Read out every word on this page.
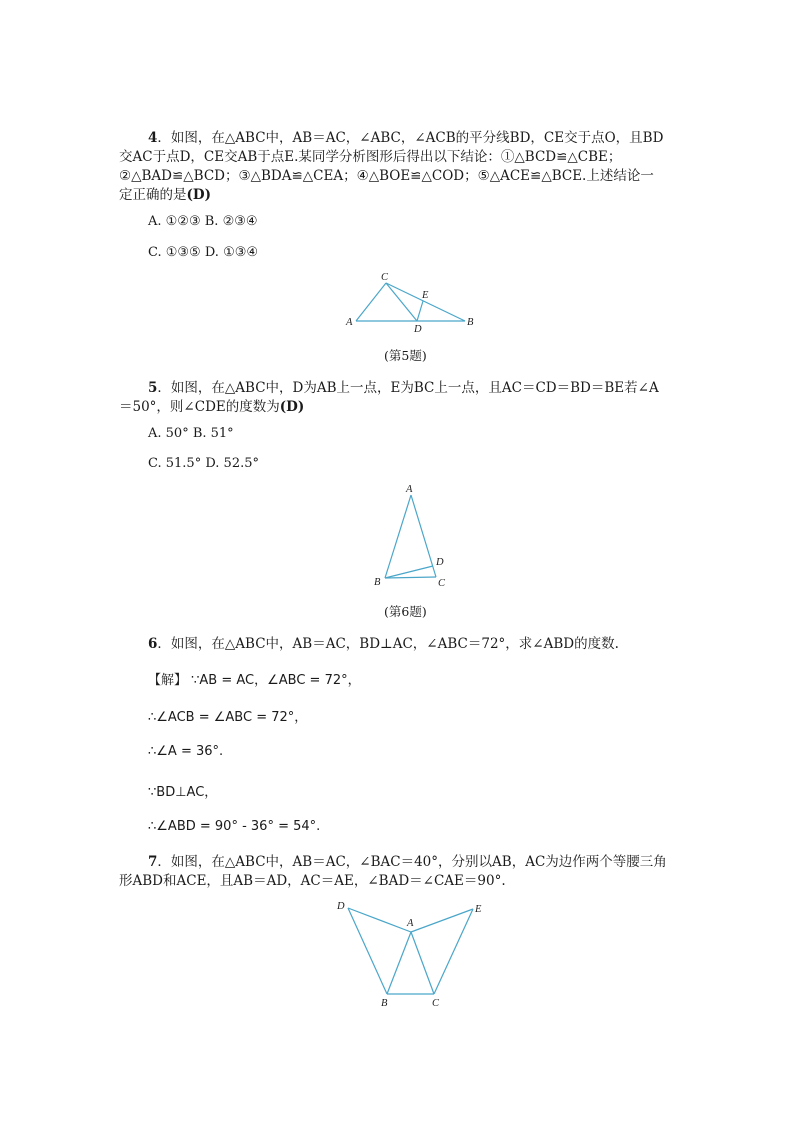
4．如图，在△ABC中，AB＝AC，∠ABC，∠ACB的平分线BD，CE交于点O，且BD
交AC于点D，CE交AB于点E.某同学分析图形后得出以下结论：①△BCD≌△CBE；
②△BAD≌△BCD；③△BDA≌△CEA；④△BOE≌△COD；⑤△ACE≌△BCE.上述结论一
定正确的是(D)
A. ①②③ B. ②③④
C. ①③⑤ D. ①③④
A	B
C
D
E
(第5题)
5．如图，在△ABC中，D为AB上一点，E为BC上一点，且AC＝CD＝BD＝BE若∠A
＝50°，则∠CDE的度数为(D)
A. 50° B. 51°
C. 51.5° D. 52.5°
A
B	C
D
(第6题)
6．如图，在△ABC中，AB＝AC，BD⊥AC，∠ABC＝72°，求∠ABD的度数.
【解】 ∵AB = AC，∠ABC = 72°，
∴∠ACB = ∠ABC = 72°，
∴∠A = 36°.
∵BD⊥AC，
∴∠ABD = 90° - 36° = 54°.
7．如图，在△ABC中，AB＝AC，∠BAC＝40°，分别以AB，AC为边作两个等腰三角
形ABD和ACE，且AB＝AD，AC＝AE，∠BAD＝∠CAE＝90°.
D
A
E
B	C
